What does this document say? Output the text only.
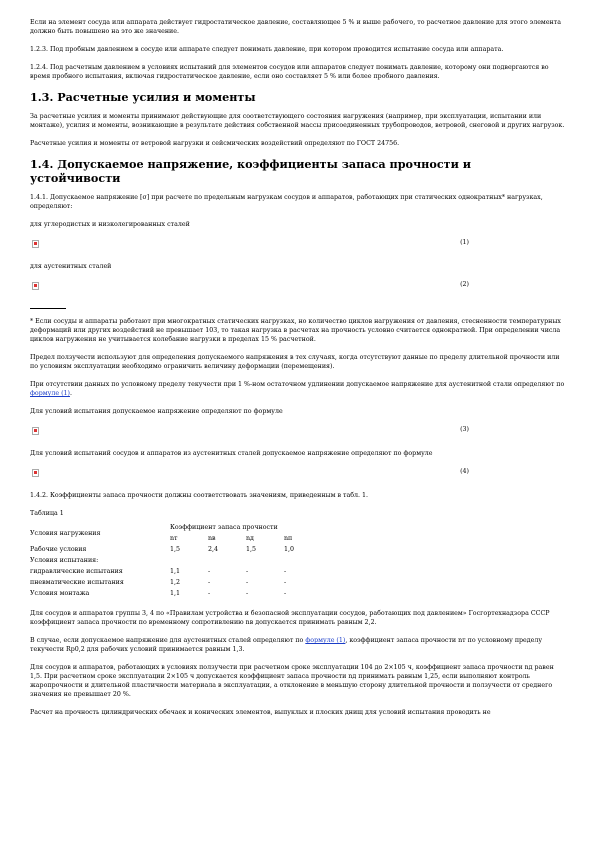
Если на элемент сосуда или аппарата действует гидростатическое давление, составляющее 5 % и выше рабочего, то расчетное давление для этого элемента должно быть повышено на это же значение.

1.2.3. Под пробным давлением в сосуде или аппарате следует понимать давление, при котором проводится испытание сосуда или аппарата.

1.2.4. Под расчетным давлением в условиях испытаний для элементов сосудов или аппаратов следует понимать давление, которому они подвергаются во время пробного испытания, включая гидростатическое давление, если оно составляет 5 % или более пробного давления.

1.3. Расчетные усилия и моменты

За расчетные усилия и моменты принимают действующие для соответствующего состояния нагружения (например, при эксплуатации, испытании или монтаже), усилия и моменты, возникающие в результате действия собственной массы присоединенных трубопроводов, ветровой, снеговой и других нагрузок.

Расчетные усилия и моменты от ветровой нагрузки и сейсмических воздействий определяют по ГОСТ 24756.

1.4. Допускаемое напряжение, коэффициенты запаса прочности и устойчивости

1.4.1. Допускаемое напряжение [σ] при расчете по предельным нагрузкам сосудов и аппаратов, работающих при статических однократных* нагрузках, определяют:

для углеродистых и низколегированных сталей

(1)

для аустенитных сталей

(2)

* Если сосуды и аппараты работают при многократных статических нагрузках, но количество циклов нагружения от давления, стесненности температурных деформаций или других воздействий не превышает 103, то такая нагрузка в расчетах на прочность условно считается однократной. При определении числа циклов нагружения не учитывается колебание нагрузки в пределах 15 % расчетной.

Предел ползучести используют для определения допускаемого напряжения в тех случаях, когда отсутствуют данные по пределу длительной прочности или по условиям эксплуатации необходимо ограничить величину деформации (перемещения).

При отсутствии данных по условному пределу текучести при 1 %-ном остаточном удлинении допускаемое напряжение для аустенитной стали определяют по формуле (1).

Для условий испытания допускаемое напряжение определяют по формуле

(3)

Для условий испытаний сосудов и аппаратов из аустенитных сталей допускаемое напряжение определяют по формуле

(4)

1.4.2. Коэффициенты запаса прочности должны соответствовать значениям, приведенным в табл. 1.

Таблица 1

Условия нагружения	Коэффициент запаса прочности			
	nт	nв	nд	nп
Рабочие условия	1,5	2,4	1,5	1,0
Условия испытания:				
гидравлические испытания	1,1	-	-	-
пневматические испытания	1,2	-	-	-
Условия монтажа	1,1	-	-	-

Для сосудов и аппаратов группы 3, 4 по «Правилам устройства и безопасной эксплуатации сосудов, работающих под давлением» Госгортехнадзора СССР коэффициент запаса прочности по временному сопротивлению nв допускается принимать равным 2,2.

В случае, если допускаемое напряжение для аустенитных сталей определяют по формуле (1), коэффициент запаса прочности nт по условному пределу текучести Rp0,2 для рабочих условий принимается равным 1,3.

Для сосудов и аппаратов, работающих в условиях ползучести при расчетном сроке эксплуатации 104 до 2×105 ч, коэффициент запаса прочности nд равен 1,5. При расчетном сроке эксплуатации 2×105 ч допускается коэффициент запаса прочности nд принимать равным 1,25, если выполняют контроль жаропрочности и длительной пластичности материала в эксплуатации, а отклонение в меньшую сторону длительной прочности и ползучести от среднего значения не превышает 20 %.

Расчет на прочность цилиндрических обечаек и конических элементов, выпуклых и плоских днищ для условий испытания проводить не
